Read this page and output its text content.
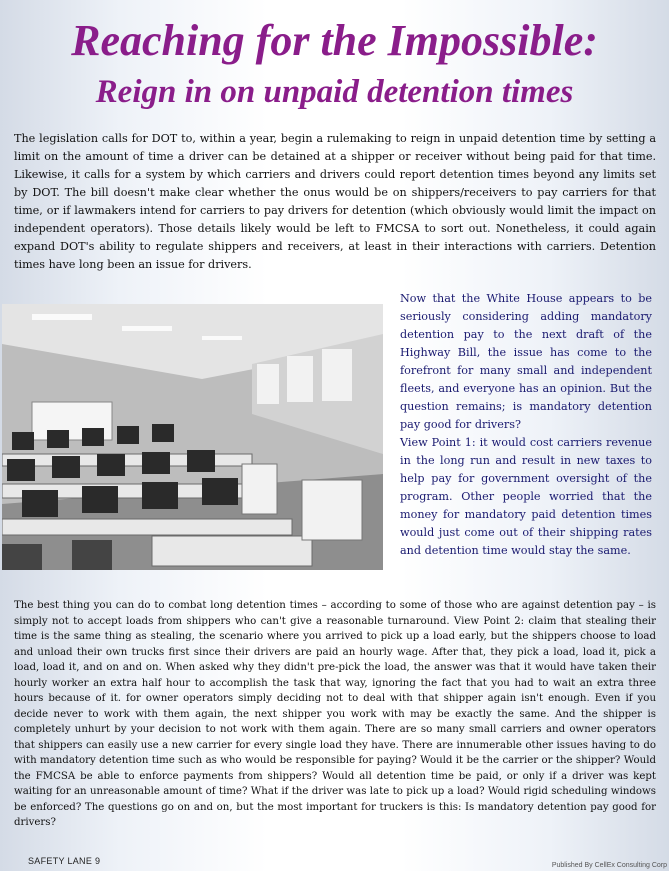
Reaching for the Impossible:
Reign in on unpaid detention times

The legislation calls for DOT to, within a year, begin a rulemaking to reign in unpaid detention time by setting a limit on the amount of time a driver can be detained at a shipper or receiver without being paid for that time. Likewise, it calls for a system by which carriers and drivers could report detention times beyond any limits set by DOT. The bill doesn't make clear whether the onus would be on shippers/receivers to pay carriers for that time, or if lawmakers intend for carriers to pay drivers for detention (which obviously would limit the impact on independent operators). Those details likely would be left to FMCSA to sort out. Nonetheless, it could again expand DOT's ability to regulate shippers and receivers, at least in their interactions with carriers. Detention times have long been an issue for drivers.

Now that the White House appears to be seriously considering adding mandatory detention pay to the next draft of the Highway Bill, the issue has come to the forefront for many small and independent fleets, and everyone has an opinion. But the question remains; is mandatory detention pay good for drivers?
View Point 1: it would cost carriers revenue in the long run and result in new taxes to help pay for government oversight of the program. Other people worried that the money for mandatory paid detention times would just come out of their shipping rates and detention time would stay the same.

The best thing you can do to combat long detention times – according to some of those who are against detention pay – is simply not to accept loads from shippers who can't give a reasonable turnaround. View Point 2: claim that stealing their time is the same thing as stealing, the scenario where you arrived to pick up a load early, but the shippers choose to load and unload their own trucks first since their drivers are paid an hourly wage. After that, they pick a load, load it, pick a load, load it, and on and on. When asked why they didn't pre-pick the load, the answer was that it would have taken their hourly worker an extra half hour to accomplish the task that way, ignoring the fact that you had to wait an extra three hours because of it. for owner operators simply deciding not to deal with that shipper again isn't enough. Even if you decide never to work with them again, the next shipper you work with may be exactly the same. And the shipper is completely unhurt by your decision to not work with them again. There are so many small carriers and owner operators that shippers can easily use a new carrier for every single load they have. There are innumerable other issues having to do with mandatory detention time such as who would be responsible for paying? Would it be the carrier or the shipper? Would the FMCSA be able to enforce payments from shippers? Would all detention time be paid, or only if a driver was kept waiting for an unreasonable amount of time? What if the driver was late to pick up a load? Would rigid scheduling windows be enforced? The questions go on and on, but the most important for truckers is this: Is mandatory detention pay good for drivers?

SAFETY LANE 9	Published By CellEx Consulting Corp
